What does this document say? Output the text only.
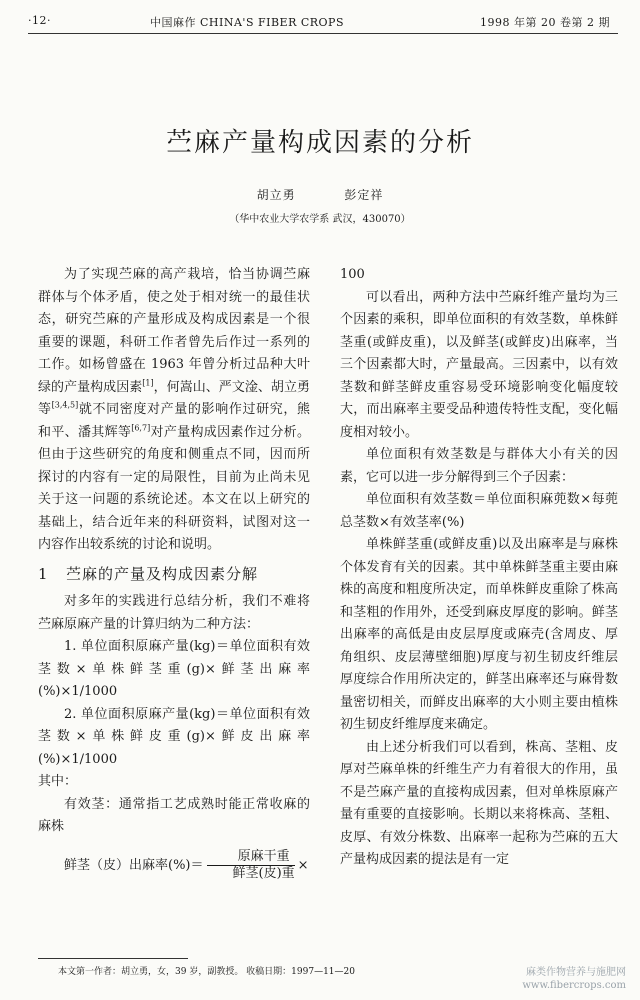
·12·	中国麻作 CHINA'S FIBER CROPS	1998 年第 20 卷第 2 期
苎麻产量构成因素的分析
胡立勇	彭定祥
（华中农业大学农学系 武汉，430070）

为了实现苎麻的高产栽培，恰当协调苎麻群体与个体矛盾，使之处于相对统一的最佳状态，研究苎麻的产量形成及构成因素是一个很重要的课题，科研工作者曾先后作过一系列的工作。如杨曾盛在 1963 年曾分析过品种大叶绿的产量构成因素[1]，何嵩山、严文淦、胡立勇等[3,4,5]就不同密度对产量的影响作过研究，熊和平、潘其辉等[6,7]对产量构成因素作过分析。但由于这些研究的角度和侧重点不同，因而所探讨的内容有一定的局限性，目前为止尚未见关于这一问题的系统论述。本文在以上研究的基础上，结合近年来的科研资料，试图对这一内容作出较系统的讨论和说明。

1 苎麻的产量及构成因素分解

对多年的实践进行总结分析，我们不难将苎麻原麻产量的计算归纳为二种方法：

1. 单位面积原麻产量(kg)＝单位面积有效茎数×单株鲜茎重(g)×鲜茎出麻率(%)×1/1000

2. 单位面积原麻产量(kg)＝单位面积有效茎数×单株鲜皮重(g)×鲜皮出麻率(%)×1/1000

其中：

有效茎：通常指工艺成熟时能正常收麻的麻株

鲜茎（皮）出麻率(%)＝ $\frac{\text{原麻干重}}{\text{鲜茎(皮)重}}$ ×

100

可以看出，两种方法中苎麻纤维产量均为三个因素的乘积，即单位面积的有效茎数，单株鲜茎重(或鲜皮重)，以及鲜茎(或鲜皮)出麻率，当三个因素都大时，产量最高。三因素中，以有效茎数和鲜茎鲜皮重容易受环境影响变化幅度较大，而出麻率主要受品种遗传特性支配，变化幅度相对较小。

单位面积有效茎数是与群体大小有关的因素，它可以进一步分解得到三个子因素：

单位面积有效茎数＝单位面积麻蔸数×每蔸总茎数×有效茎率(%)

单株鲜茎重(或鲜皮重)以及出麻率是与麻株个体发育有关的因素。其中单株鲜茎重主要由麻株的高度和粗度所决定，而单株鲜皮重除了株高和茎粗的作用外，还受到麻皮厚度的影响。鲜茎出麻率的高低是由皮层厚度或麻壳(含周皮、厚角组织、皮层薄壁细胞)厚度与初生韧皮纤维层厚度综合作用所决定的，鲜茎出麻率还与麻骨数量密切相关，而鲜皮出麻率的大小则主要由植株初生韧皮纤维厚度来确定。

由上述分析我们可以看到，株高、茎粗、皮厚对苎麻单株的纤维生产力有着很大的作用，虽不是苎麻产量的直接构成因素，但对单株原麻产量有重要的直接影响。长期以来将株高、茎粗、皮厚、有效分株数、出麻率一起称为苎麻的五大产量构成因素的提法是有一定

本文第一作者：胡立勇，女，39 岁，副教授。 收稿日期：1997—11—20	麻类作物营养与施肥网
www.fibercrops.com
